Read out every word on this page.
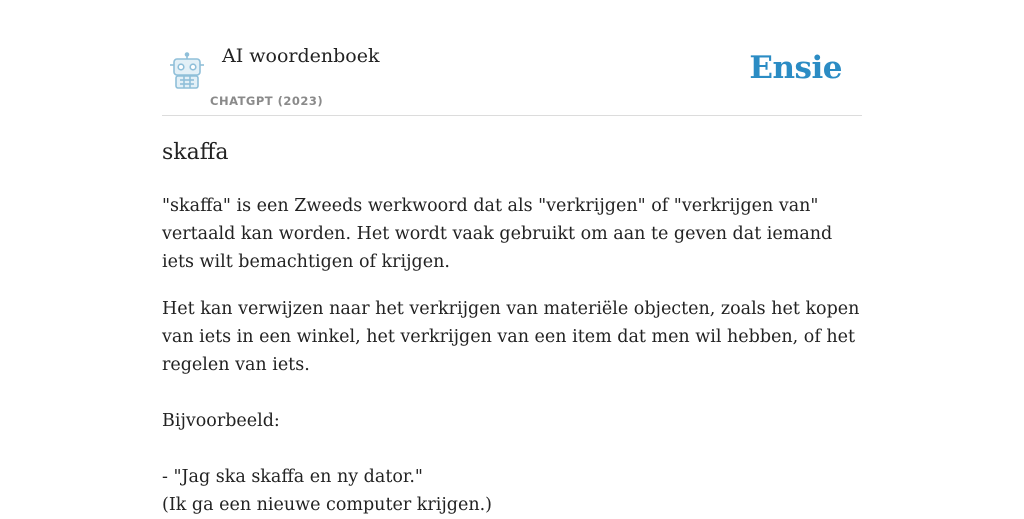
AI woordenboek
CHATGPT (2023)
Ensie
skaffa

"skaffa" is een Zweeds werkwoord dat als "verkrijgen" of "verkrijgen van" vertaald kan worden. Het wordt vaak gebruikt om aan te geven dat iemand iets wilt bemachtigen of krijgen.

Het kan verwijzen naar het verkrijgen van materiële objecten, zoals het kopen van iets in een winkel, het verkrijgen van een item dat men wil hebben, of het regelen van iets.

Bijvoorbeeld:
- "Jag ska skaffa en ny dator."
(Ik ga een nieuwe computer krijgen.)
